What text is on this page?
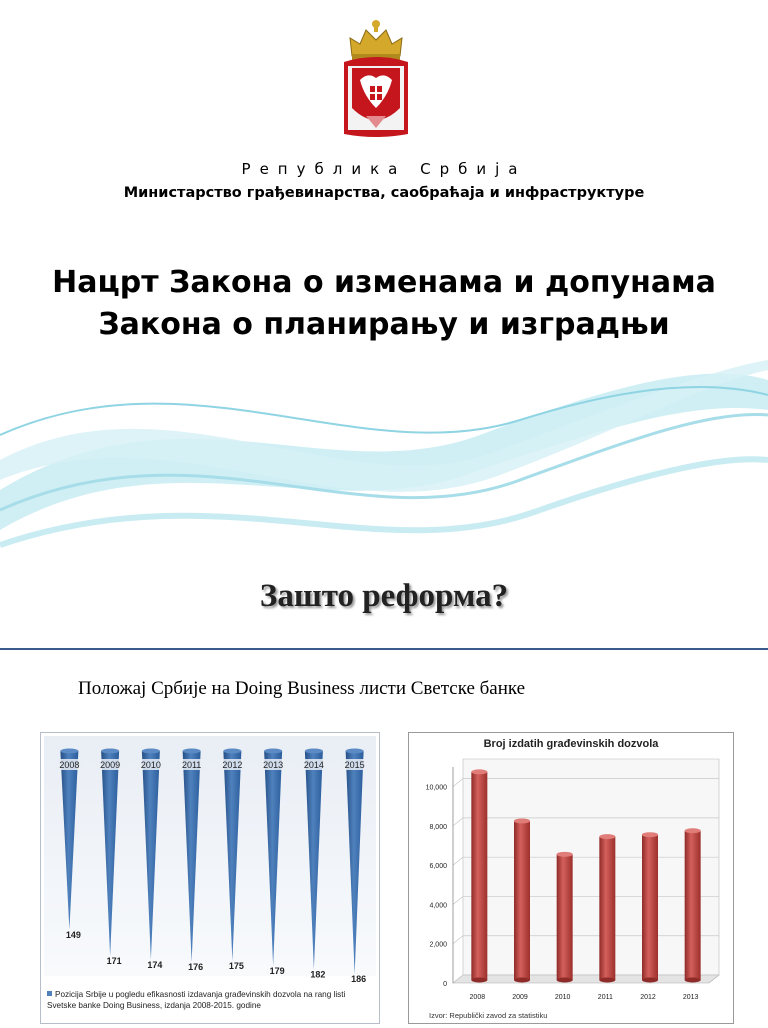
Република Србија
Министарство грађевинарства, саобраћаја и инфраструктуре
Нацрт Закона о изменама и допунама
Закона о планирању и изградњи
Зашто реформа?
Положај Србије на Doing Business листи Светске банке
2008
149
2009
171
2010
174
2011
176
2012
175
2013
179
2014
182
2015
186
Pozicija Srbije u pogledu efikasnosti izdavanja građevinskih dozvola na rang listi
Svetske banke Doing Business, izdanja 2008-2015. godine
Broj izdatih građevinskih dozvola
0
2,000
4,000
6,000
8,000
10,000
2008	2009	2010	2011	2012	2013
Izvor: Republički zavod za statistiku
